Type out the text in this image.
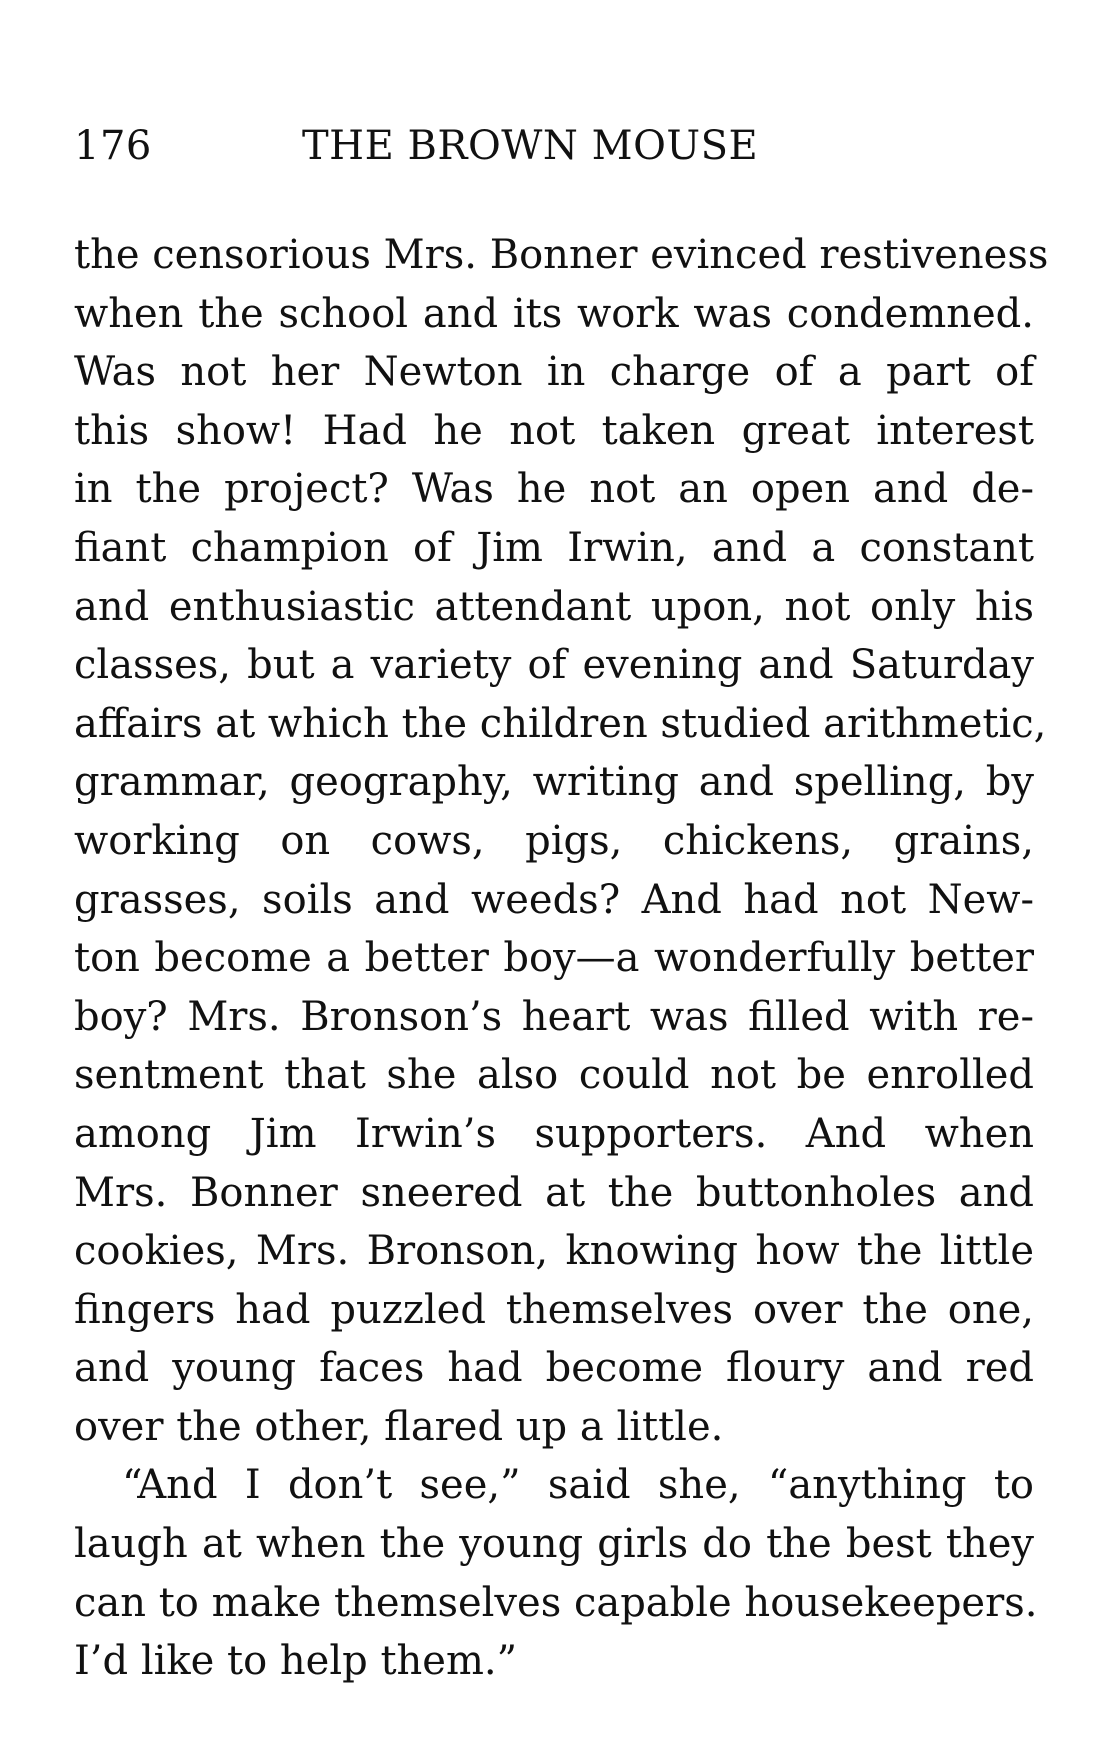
176	THE BROWN MOUSE
the censorious Mrs. Bonner evinced restiveness
when the school and its work was condemned.
Was not her Newton in charge of a part of
this show! Had he not taken great interest
in the project? Was he not an open and de-
fiant champion of Jim Irwin, and a constant
and enthusiastic attendant upon, not only his
classes, but a variety of evening and Saturday
affairs at which the children studied arithmetic,
grammar, geography, writing and spelling, by
working on cows, pigs, chickens, grains,
grasses, soils and weeds? And had not New-
ton become a better boy—a wonderfully better
boy? Mrs. Bronson’s heart was filled with re-
sentment that she also could not be enrolled
among Jim Irwin’s supporters. And when
Mrs. Bonner sneered at the buttonholes and
cookies, Mrs. Bronson, knowing how the little
fingers had puzzled themselves over the one,
and young faces had become floury and red
over the other, flared up a little.
“And I don’t see,” said she, “anything to
laugh at when the young girls do the best they
can to make themselves capable housekeepers.
I’d like to help them.”
